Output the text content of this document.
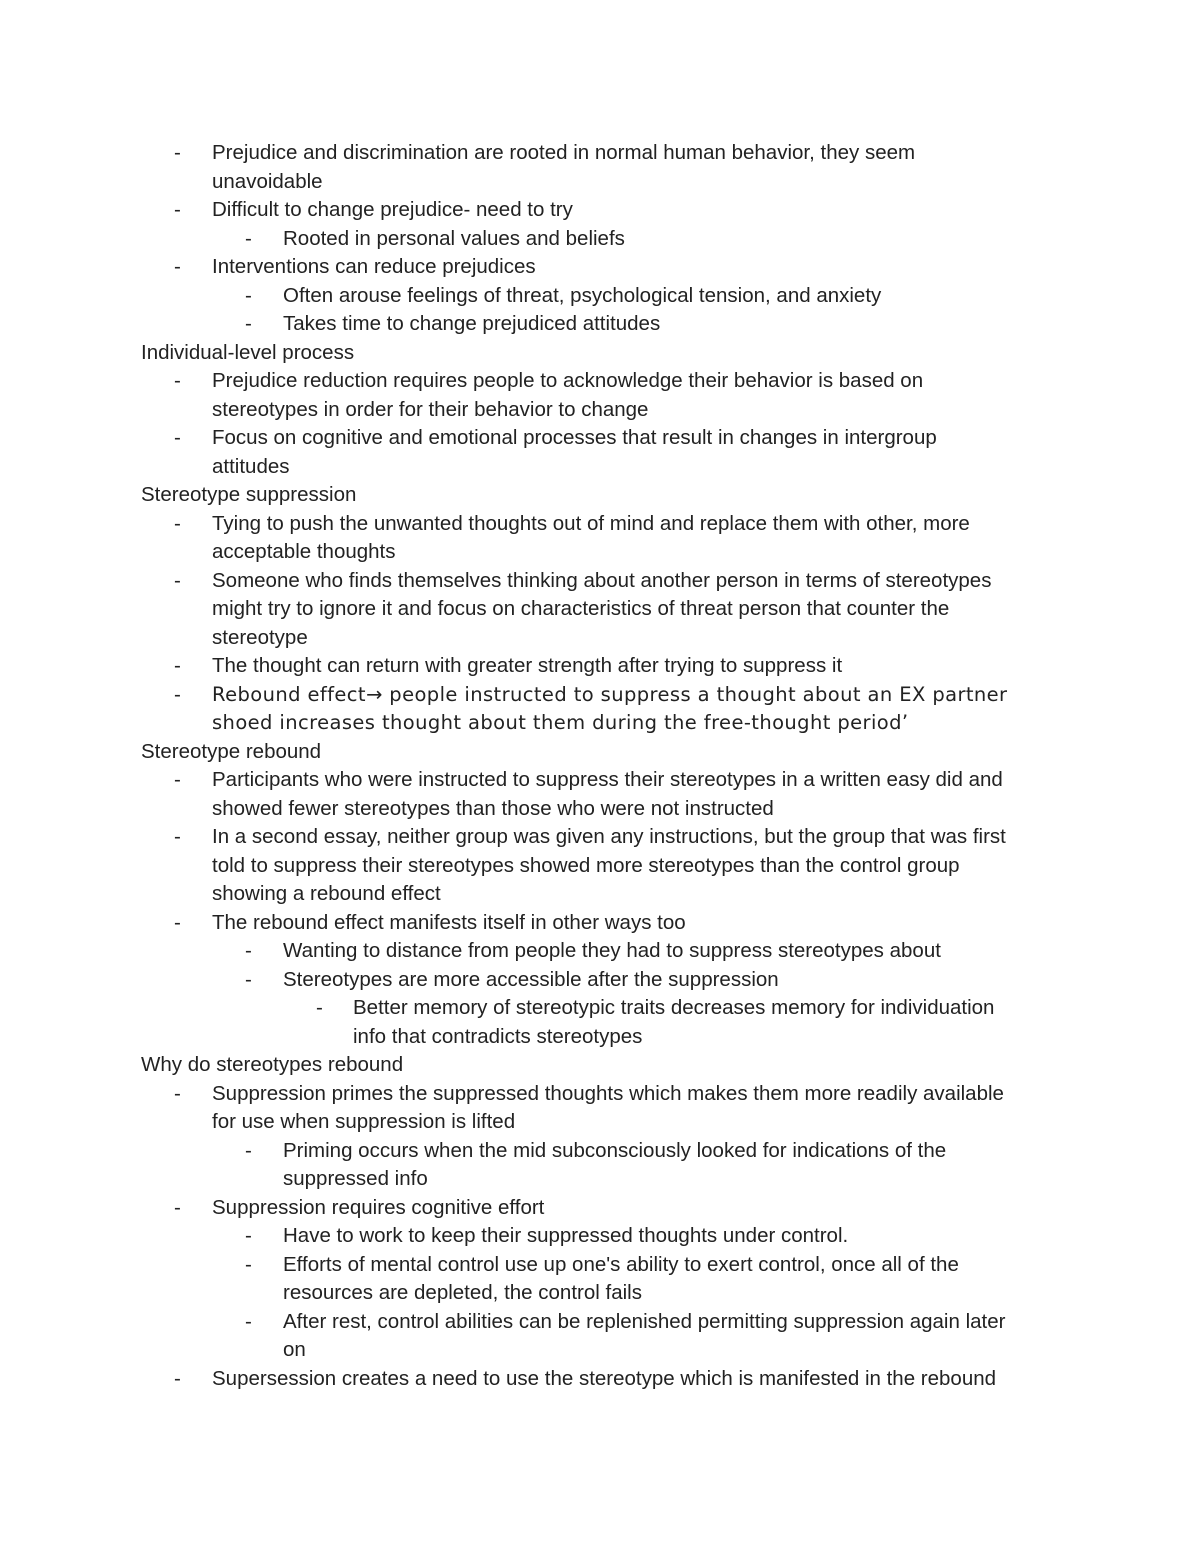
- Prejudice and discrimination are rooted in normal human behavior, they seem
unavoidable
- Difficult to change prejudice- need to try
- Rooted in personal values and beliefs
- Interventions can reduce prejudices
- Often arouse feelings of threat, psychological tension, and anxiety
- Takes time to change prejudiced attitudes
Individual-level process
- Prejudice reduction requires people to acknowledge their behavior is based on
stereotypes in order for their behavior to change
- Focus on cognitive and emotional processes that result in changes in intergroup
attitudes
Stereotype suppression
- Tying to push the unwanted thoughts out of mind and replace them with other, more
acceptable thoughts
- Someone who finds themselves thinking about another person in terms of stereotypes
might try to ignore it and focus on characteristics of threat person that counter the
stereotype
- The thought can return with greater strength after trying to suppress it
- Rebound effect→ people instructed to suppress a thought about an EX partner
shoed increases thought about them during the free-thought period’
Stereotype rebound
- Participants who were instructed to suppress their stereotypes in a written easy did and
showed fewer stereotypes than those who were not instructed
- In a second essay, neither group was given any instructions, but the group that was first
told to suppress their stereotypes showed more stereotypes than the control group
showing a rebound effect
- The rebound effect manifests itself in other ways too
- Wanting to distance from people they had to suppress stereotypes about
- Stereotypes are more accessible after the suppression
- Better memory of stereotypic traits decreases memory for individuation
info that contradicts stereotypes
Why do stereotypes rebound
- Suppression primes the suppressed thoughts which makes them more readily available
for use when suppression is lifted
- Priming occurs when the mid subconsciously looked for indications of the
suppressed info
- Suppression requires cognitive effort
- Have to work to keep their suppressed thoughts under control.
- Efforts of mental control use up one's ability to exert control, once all of the
resources are depleted, the control fails
- After rest, control abilities can be replenished permitting suppression again later
on
- Supersession creates a need to use the stereotype which is manifested in the rebound
